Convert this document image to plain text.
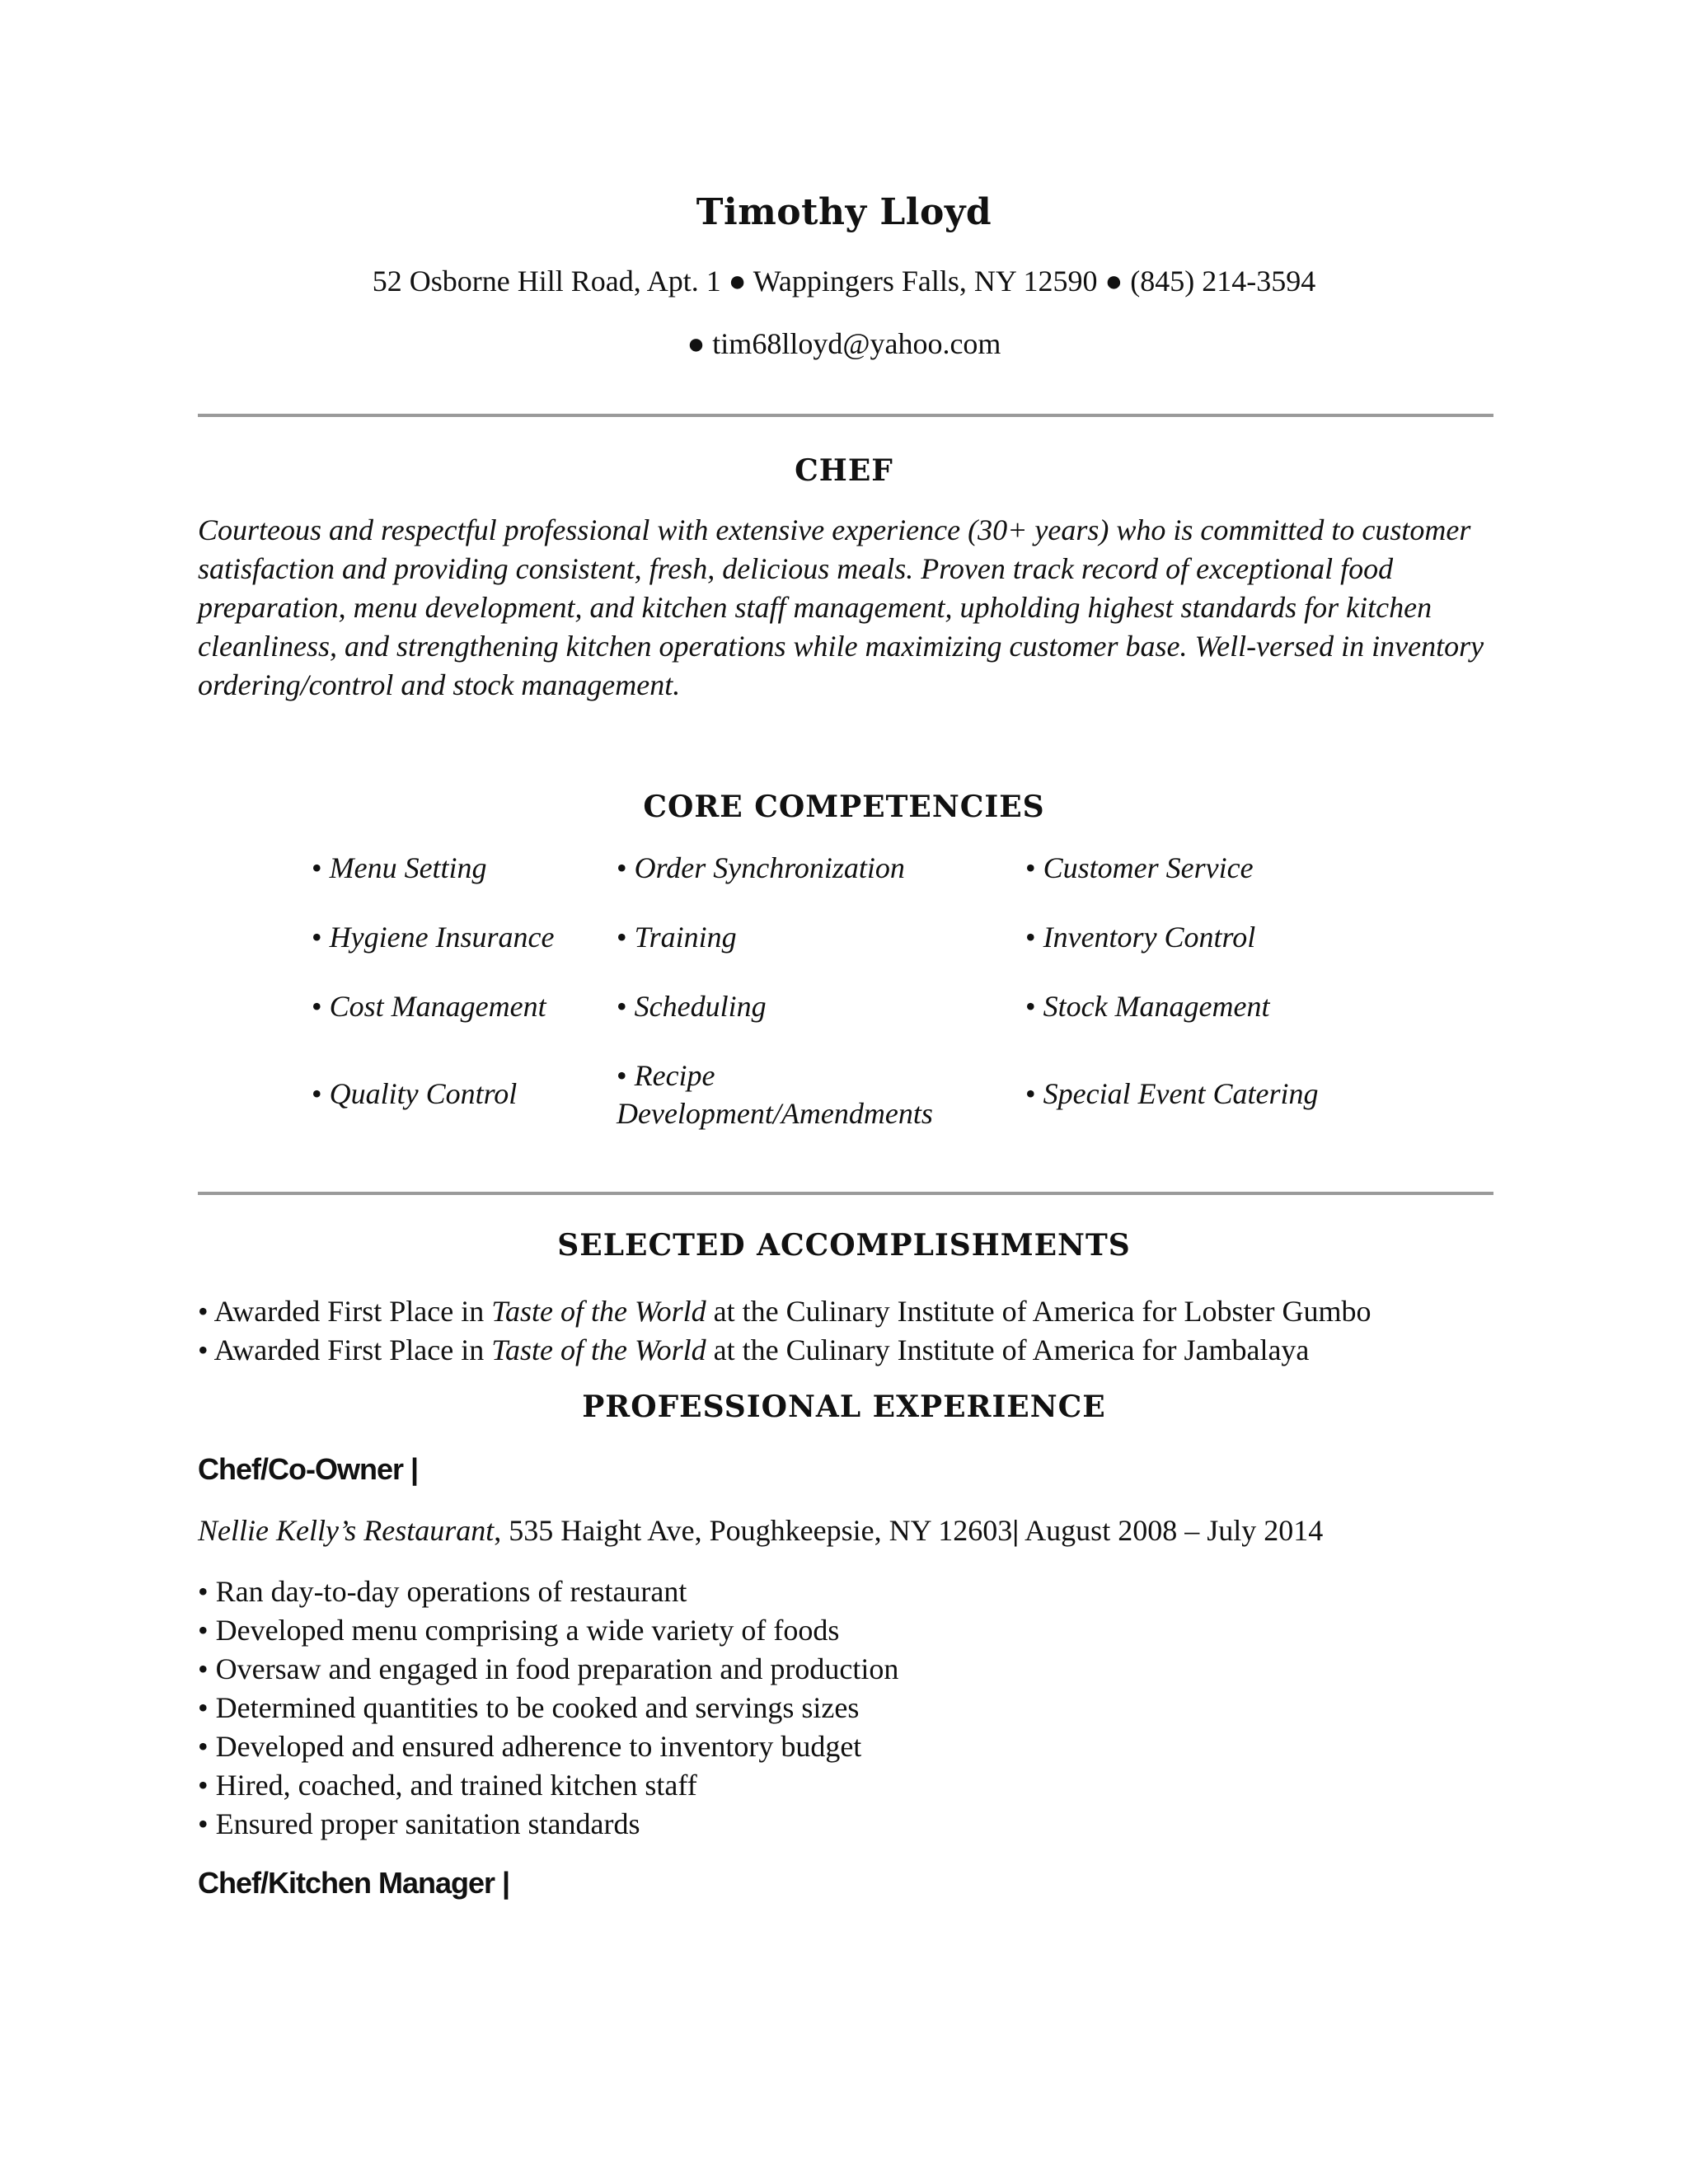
Timothy Lloyd
52 Osborne Hill Road, Apt. 1 ● Wappingers Falls, NY 12590 ● (845) 214-3594
● tim68lloyd@yahoo.com
CHEF
Courteous and respectful professional with extensive experience (30+ years) who is committed to customer satisfaction and providing consistent, fresh, delicious meals. Proven track record of exceptional food preparation, menu development, and kitchen staff management, upholding highest standards for kitchen cleanliness, and strengthening kitchen operations while maximizing customer base. Well-versed in inventory ordering/control and stock management.
CORE COMPETENCIES
• Menu Setting
• Hygiene Insurance
• Cost Management
• Quality Control
• Order Synchronization
• Training
• Scheduling
• Recipe Development/Amendments
• Customer Service
• Inventory Control
• Stock Management
• Special Event Catering
SELECTED ACCOMPLISHMENTS
• Awarded First Place in Taste of the World at the Culinary Institute of America for Lobster Gumbo
• Awarded First Place in Taste of the World at the Culinary Institute of America for Jambalaya
PROFESSIONAL EXPERIENCE
Chef/Co-Owner |
Nellie Kelly’s Restaurant, 535 Haight Ave, Poughkeepsie, NY 12603| August 2008 – July 2014
• Ran day-to-day operations of restaurant
• Developed menu comprising a wide variety of foods
• Oversaw and engaged in food preparation and production
• Determined quantities to be cooked and servings sizes
• Developed and ensured adherence to inventory budget
• Hired, coached, and trained kitchen staff
• Ensured proper sanitation standards
Chef/Kitchen Manager |
